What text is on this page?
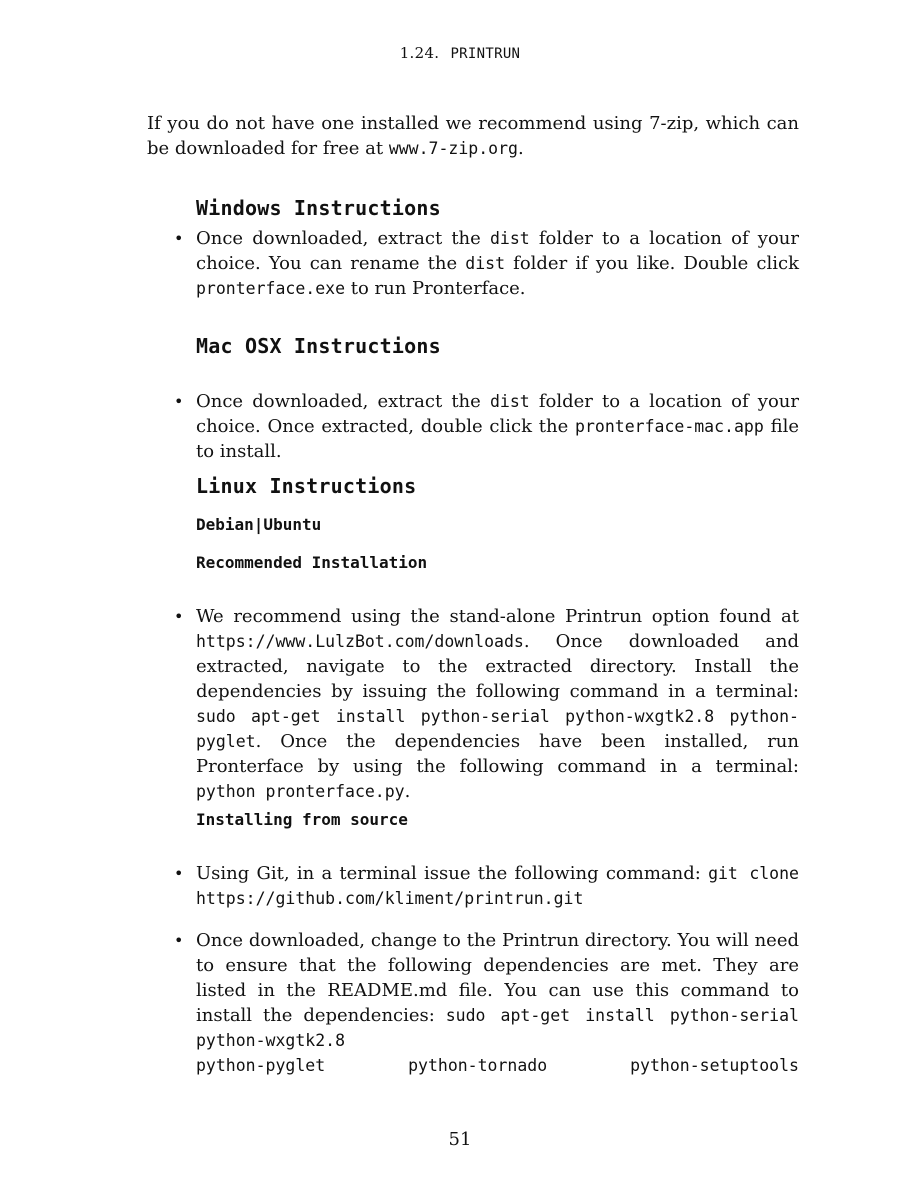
1.24. PRINTRUN
If you do not have one installed we recommend using 7-zip, which can be downloaded for free at www.7-zip.org.
Windows Instructions
• Once downloaded, extract the dist folder to a location of your choice. You can rename the dist folder if you like. Double click pronterface.exe to run Pronterface.
Mac OSX Instructions
• Once downloaded, extract the dist folder to a location of your choice. Once extracted, double click the pronterface-mac.app file to install.
Linux Instructions
Debian|Ubuntu
Recommended Installation
• We recommend using the stand-alone Printrun option found at https://www.LulzBot.com/downloads. Once downloaded and extracted, navigate to the extracted directory. Install the dependencies by issuing the following command in a terminal: sudo apt-get install python-serial python-wxgtk2.8 python-pyglet. Once the dependencies have been installed, run Pronterface by using the following command in a terminal: python pronterface.py.
Installing from source
• Using Git, in a terminal issue the following command: git clone https://github.com/kliment/printrun.git
• Once downloaded, change to the Printrun directory. You will need to ensure that the following dependencies are met. They are listed in the README.md file. You can use this command to install the dependencies: sudo apt-get install python-serial python-wxgtk2.8
python-pyglet	python-tornado	python-setuptools
51
